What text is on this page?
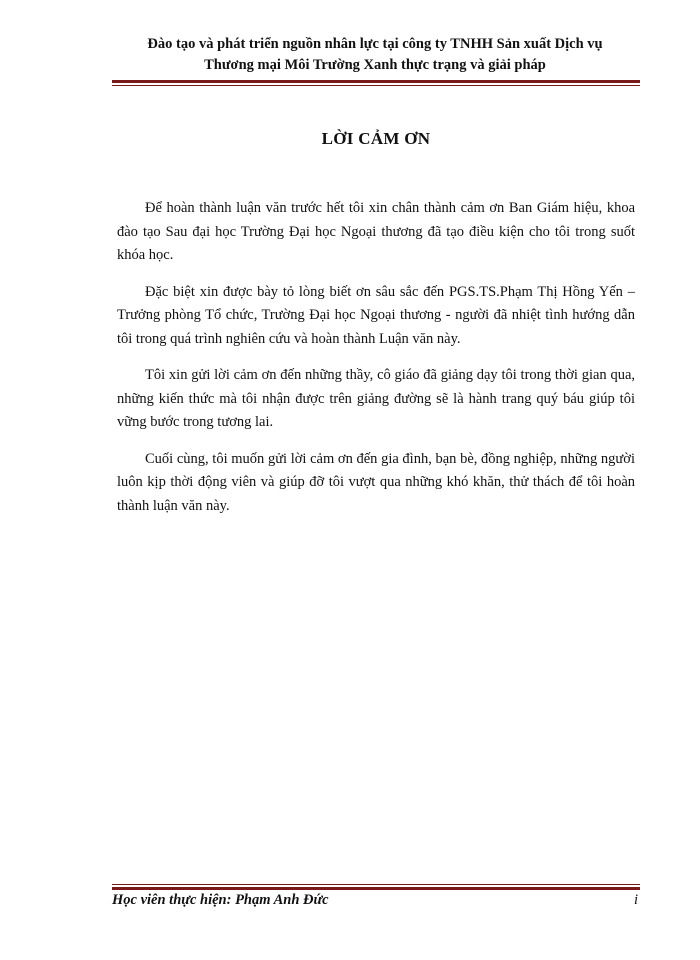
Đào tạo và phát triển nguồn nhân lực tại công ty TNHH Sản xuất Dịch vụ
Thương mại Môi Trường Xanh thực trạng và giải pháp
LỜI CẢM ƠN

Để hoàn thành luận văn trước hết tôi xin chân thành cảm ơn Ban Giám hiệu, khoa đào tạo Sau đại học Trường Đại học Ngoại thương đã tạo điều kiện cho tôi trong suốt khóa học.

Đặc biệt xin được bày tỏ lòng biết ơn sâu sắc đến PGS.TS.Phạm Thị Hồng Yến – Trưởng phòng Tổ chức, Trường Đại học Ngoại thương - người đã nhiệt tình hướng dẫn tôi trong quá trình nghiên cứu và hoàn thành Luận văn này.

Tôi xin gửi lời cảm ơn đến những thầy, cô giáo đã giảng dạy tôi trong thời gian qua, những kiến thức mà tôi nhận được trên giảng đường sẽ là hành trang quý báu giúp tôi vững bước trong tương lai.

Cuối cùng, tôi muốn gửi lời cảm ơn đến gia đình, bạn bè, đồng nghiệp, những người luôn kịp thời động viên và giúp đỡ tôi vượt qua những khó khăn, thử thách để tôi hoàn thành luận văn này.

Học viên thực hiện: Phạm Anh Đức	i
